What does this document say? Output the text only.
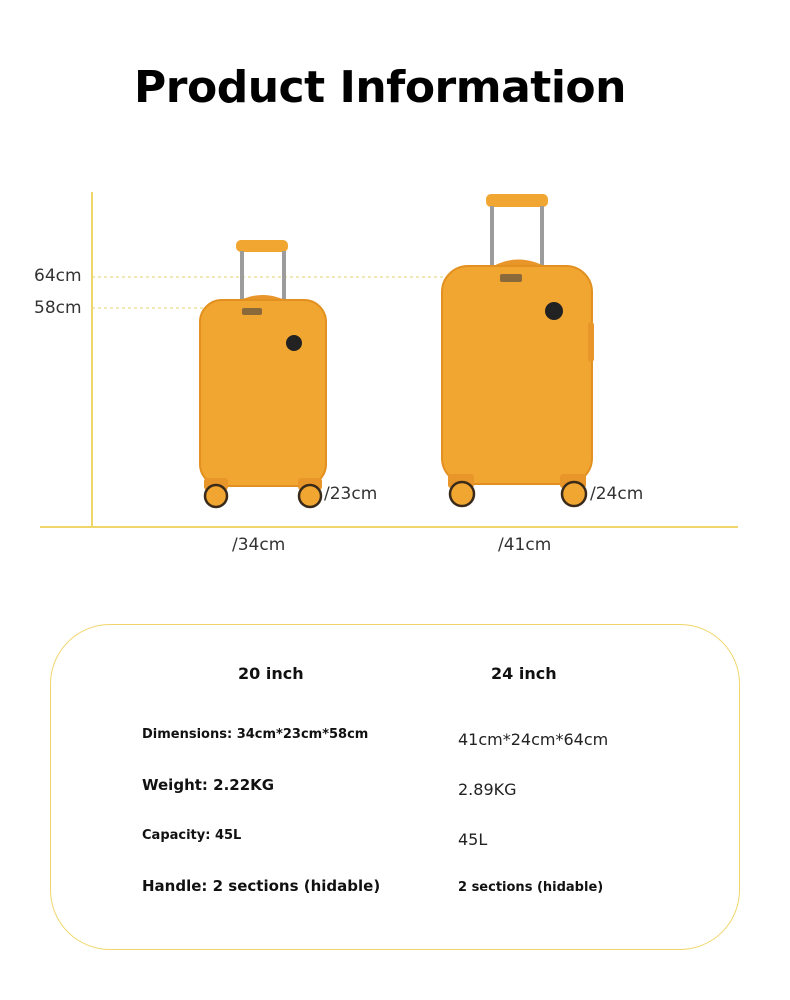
Product Information
64cm
58cm
/23cm	/24cm
/34cm	/41cm
20 inch	24 inch
Dimensions: 34cm*23cm*58cm	41cm*24cm*64cm
Weight: 2.22KG	2.89KG
Capacity: 45L	45L
Handle: 2 sections (hidable)	2 sections (hidable)
